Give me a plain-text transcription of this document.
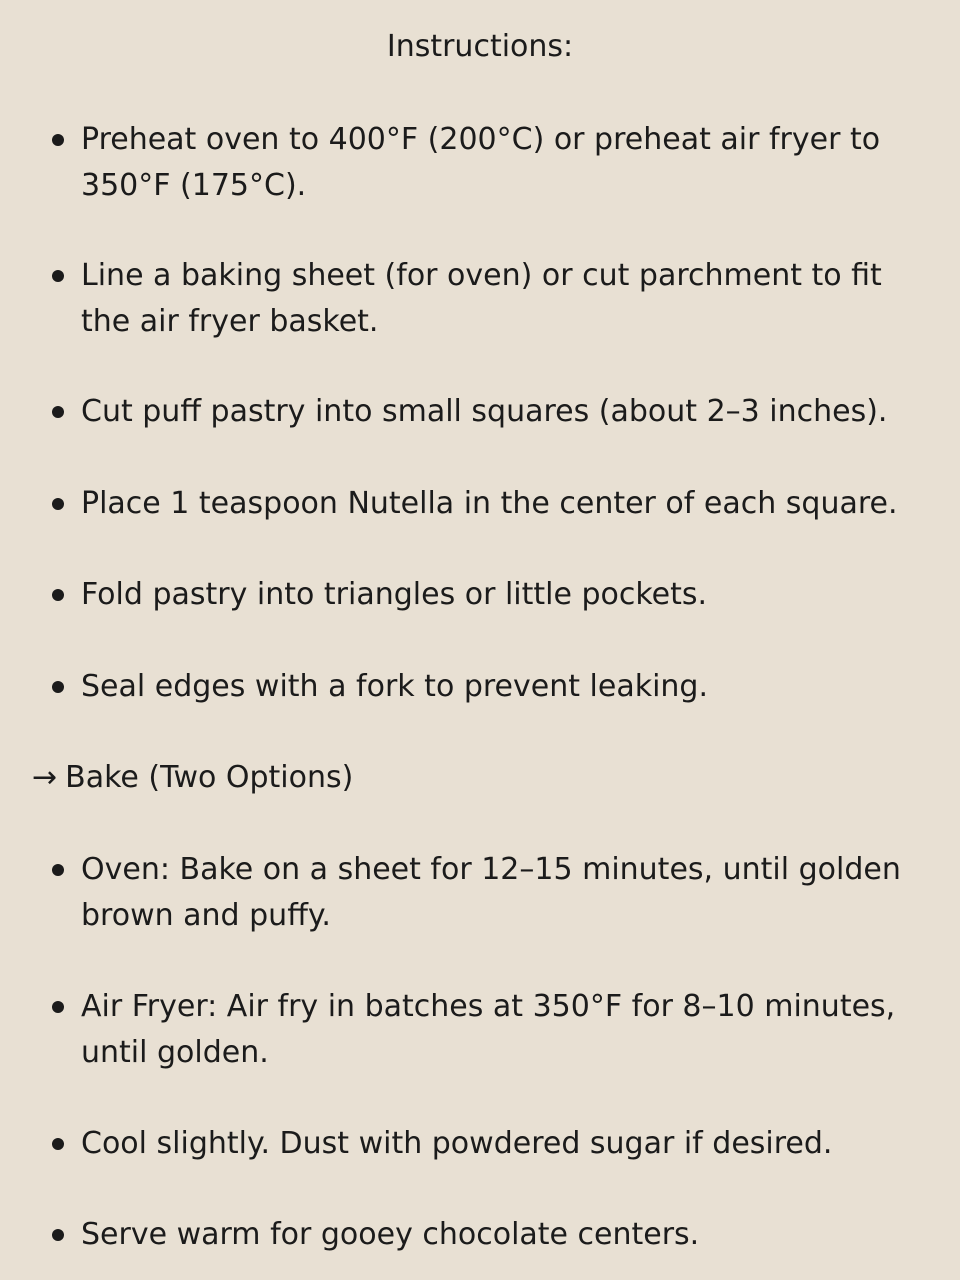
Instructions:
Preheat oven to 400°F (200°C) or preheat air fryer to 350°F (175°C).
Line a baking sheet (for oven) or cut parchment to fit the air fryer basket.
Cut puff pastry into small squares (about 2–3 inches).
Place 1 teaspoon Nutella in the center of each square.
Fold pastry into triangles or little pockets.
Seal edges with a fork to prevent leaking.
→ Bake (Two Options)
Oven: Bake on a sheet for 12–15 minutes, until golden brown and puffy.
Air Fryer: Air fry in batches at 350°F for 8–10 minutes, until golden.
Cool slightly. Dust with powdered sugar if desired.
Serve warm for gooey chocolate centers.
